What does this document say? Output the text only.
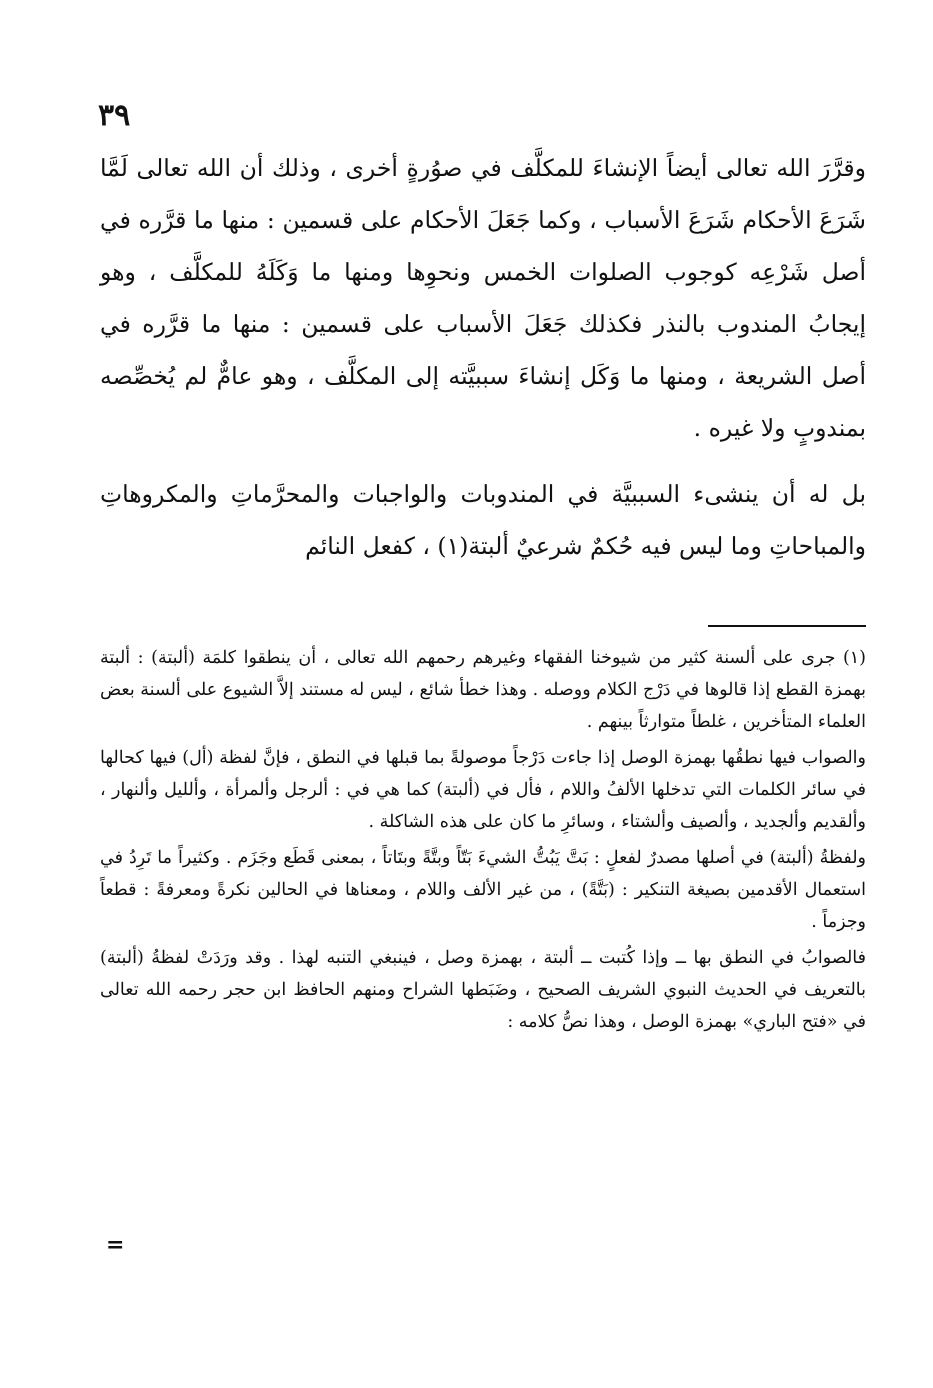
٣٩

وقرَّرَ الله تعالى أيضاً الإنشاءَ للمكلَّف في صوُرةٍ أخرى ، وذلك أن الله تعالى لَمَّا شَرَعَ الأحكام شَرَعَ الأسباب ، وكما جَعَلَ الأحكام على قسمين : منها ما قرَّره في أصل شَرْعِه كوجوب الصلوات الخمس ونحوِها ومنها ما وَكَلَهُ للمكلَّف ، وهو إيجابُ المندوب بالنذر فكذلك جَعَلَ الأسباب على قسمين : منها ما قرَّره في أصل الشريعة ، ومنها ما وَكَل إنشاءَ سببيَّته إلى المكلَّف ، وهو عامٌّ لم يُخصِّصه بمندوبٍ ولا غيره .

بل له أن ينشىء السببيَّة في المندوبات والواجبات والمحرَّماتِ والمكروهاتِ والمباحاتِ وما ليس فيه حُكمٌ شرعيٌ ألبتة(١) ، كفعل النائم

(١) جرى على ألسنة كثير من شيوخنا الفقهاء وغيرهم رحمهم الله تعالى ، أن ينطقوا كلمَة (ألبتة) : ألبتة بهمزة القطع إذا قالوها في دَرْج الكلام ووصله . وهذا خطأ شائع ، ليس له مستند إلاَّ الشيوع على ألسنة بعض العلماء المتأخرين ، غلطاً متوارثاً بينهم .

والصواب فيها نطقُها بهمزة الوصل إذا جاءت دَرْجاً موصولةً بما قبلها في النطق ، فإنَّ لفظة (أل) فيها كحالها في سائر الكلمات التي تدخلها الألفُ واللام ، فأل في (ألبتة) كما هي في : ألرجل وألمرأة ، وألليل وألنهار ، وألقديم وألجديد ، وألصيف وألشتاء ، وسائرِ ما كان على هذه الشاكلة .

ولفظةُ (ألبتة) في أصلها مصدرٌ لفعلٍ : بَتَّ يَبُتُّ الشيءَ بَتّاً وبتَّةً وبتَاتاً ، بمعنى قَطَع وجَزَم . وكثيراً ما تَرِدُ في استعمال الأقدمين بصيغة التنكير : (بَتَّةً) ، من غير الألف واللام ، ومعناها في الحالين نكرةً ومعرفةً : قطعاً وجزماً .

فالصوابُ في النطق بها ــ وإذا كُتبت ــ ألبتة ، بهمزة وصل ، فينبغي التنبه لهذا . وقد ورَدَتْ لفظةُ (ألبتة) بالتعريف في الحديث النبوي الشريف الصحيح ، وضَبَطها الشراح ومنهم الحافظ ابن حجر رحمه الله تعالى في «فتح الباري» بهمزة الوصل ، وهذا نصُّ كلامه :

=
